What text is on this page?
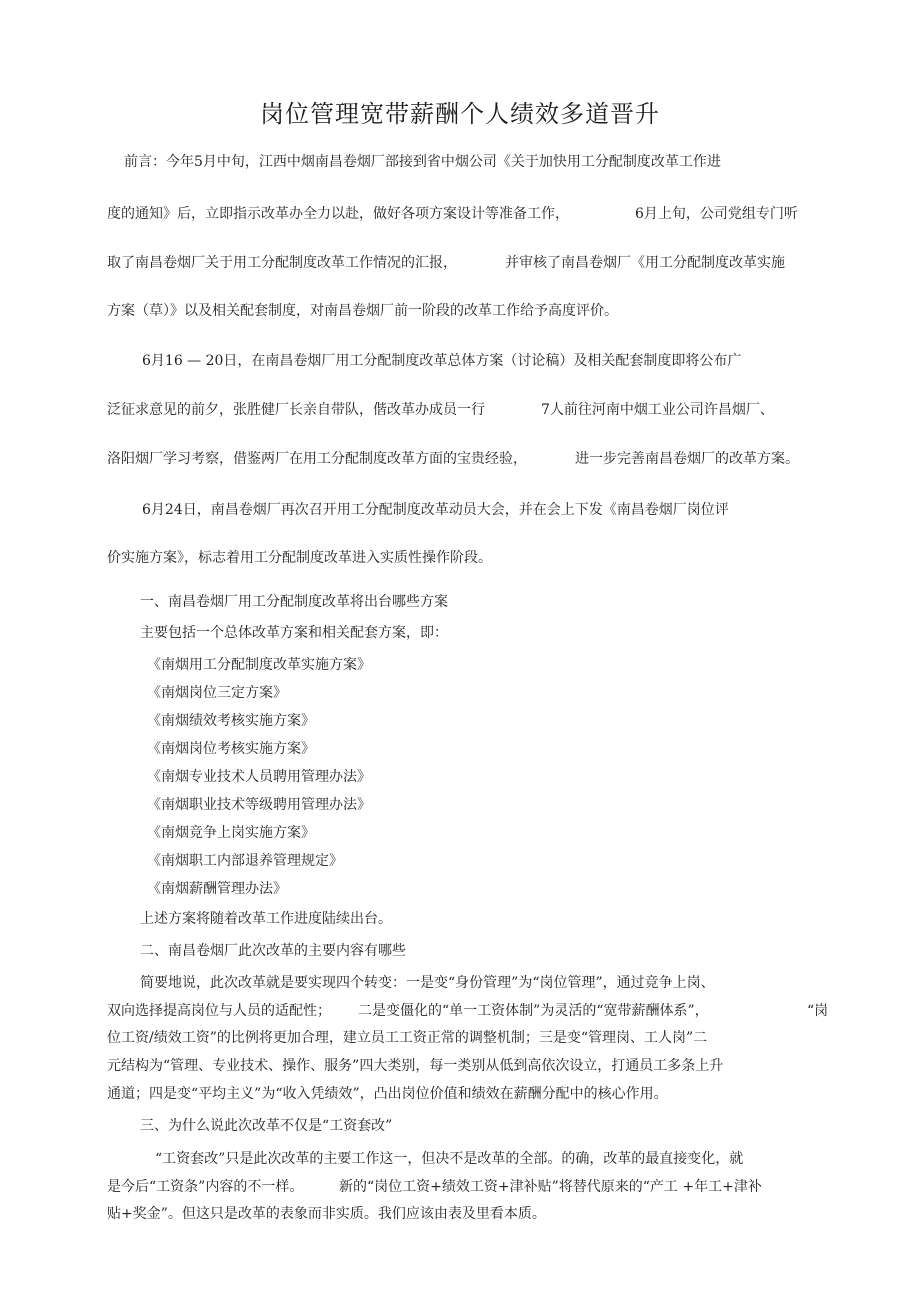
岗位管理宽带薪酬个人绩效多道晋升
前言：今年5月中旬，江西中烟南昌卷烟厂部接到省中烟公司《关于加快用工分配制度改革工作进
度的通知》后，立即指示改革办全力以赴，做好各项方案设计等准备工作，	6月上旬，公司党组专门听
取了南昌卷烟厂关于用工分配制度改革工作情况的汇报，	并审核了南昌卷烟厂《用工分配制度改革实施
方案（草）》以及相关配套制度，对南昌卷烟厂前一阶段的改革工作给予高度评价。
6月16 — 20日，在南昌卷烟厂用工分配制度改革总体方案（讨论稿）及相关配套制度即将公布广
泛征求意见的前夕，张胜健厂长亲自带队，偕改革办成员一行	7人前往河南中烟工业公司许昌烟厂、
洛阳烟厂学习考察，借鉴两厂在用工分配制度改革方面的宝贵经验，	进一步完善南昌卷烟厂的改革方案。
6月24日，南昌卷烟厂再次召开用工分配制度改革动员大会，并在会上下发《南昌卷烟厂岗位评
价实施方案》，标志着用工分配制度改革进入实质性操作阶段。
一、南昌卷烟厂用工分配制度改革将出台哪些方案
主要包括一个总体改革方案和相关配套方案，即：
《南烟用工分配制度改革实施方案》
《南烟岗位三定方案》
《南烟绩效考核实施方案》
《南烟岗位考核实施方案》
《南烟专业技术人员聘用管理办法》
《南烟职业技术等级聘用管理办法》
《南烟竞争上岗实施方案》
《南烟职工内部退养管理规定》
《南烟薪酬管理办法》
上述方案将随着改革工作进度陆续出台。
二、南昌卷烟厂此次改革的主要内容有哪些
简要地说，此次改革就是要实现四个转变：一是变“身份管理”为“岗位管理”，通过竞争上岗、
双向选择提高岗位与人员的适配性； 二是变僵化的“单一工资体制”为灵活的“宽带薪酬体系”，	“岗
位工资/绩效工资”的比例将更加合理，建立员工工资正常的调整机制；三是变“管理岗、工人岗”二
元结构为“管理、专业技术、操作、服务”四大类别，每一类别从低到高依次设立，打通员工多条上升
通道；四是变“平均主义”为“收入凭绩效”，凸出岗位价值和绩效在薪酬分配中的核心作用。
三、为什么说此次改革不仅是“工资套改”
“工资套改”只是此次改革的主要工作这一，但决不是改革的全部。的确，改革的最直接变化，就
是今后“工资条”内容的不一样。	新的“岗位工资+绩效工资+津补贴”将替代原来的“产工 +年工+津补
贴+奖金”。但这只是改革的表象而非实质。我们应该由表及里看本质。
